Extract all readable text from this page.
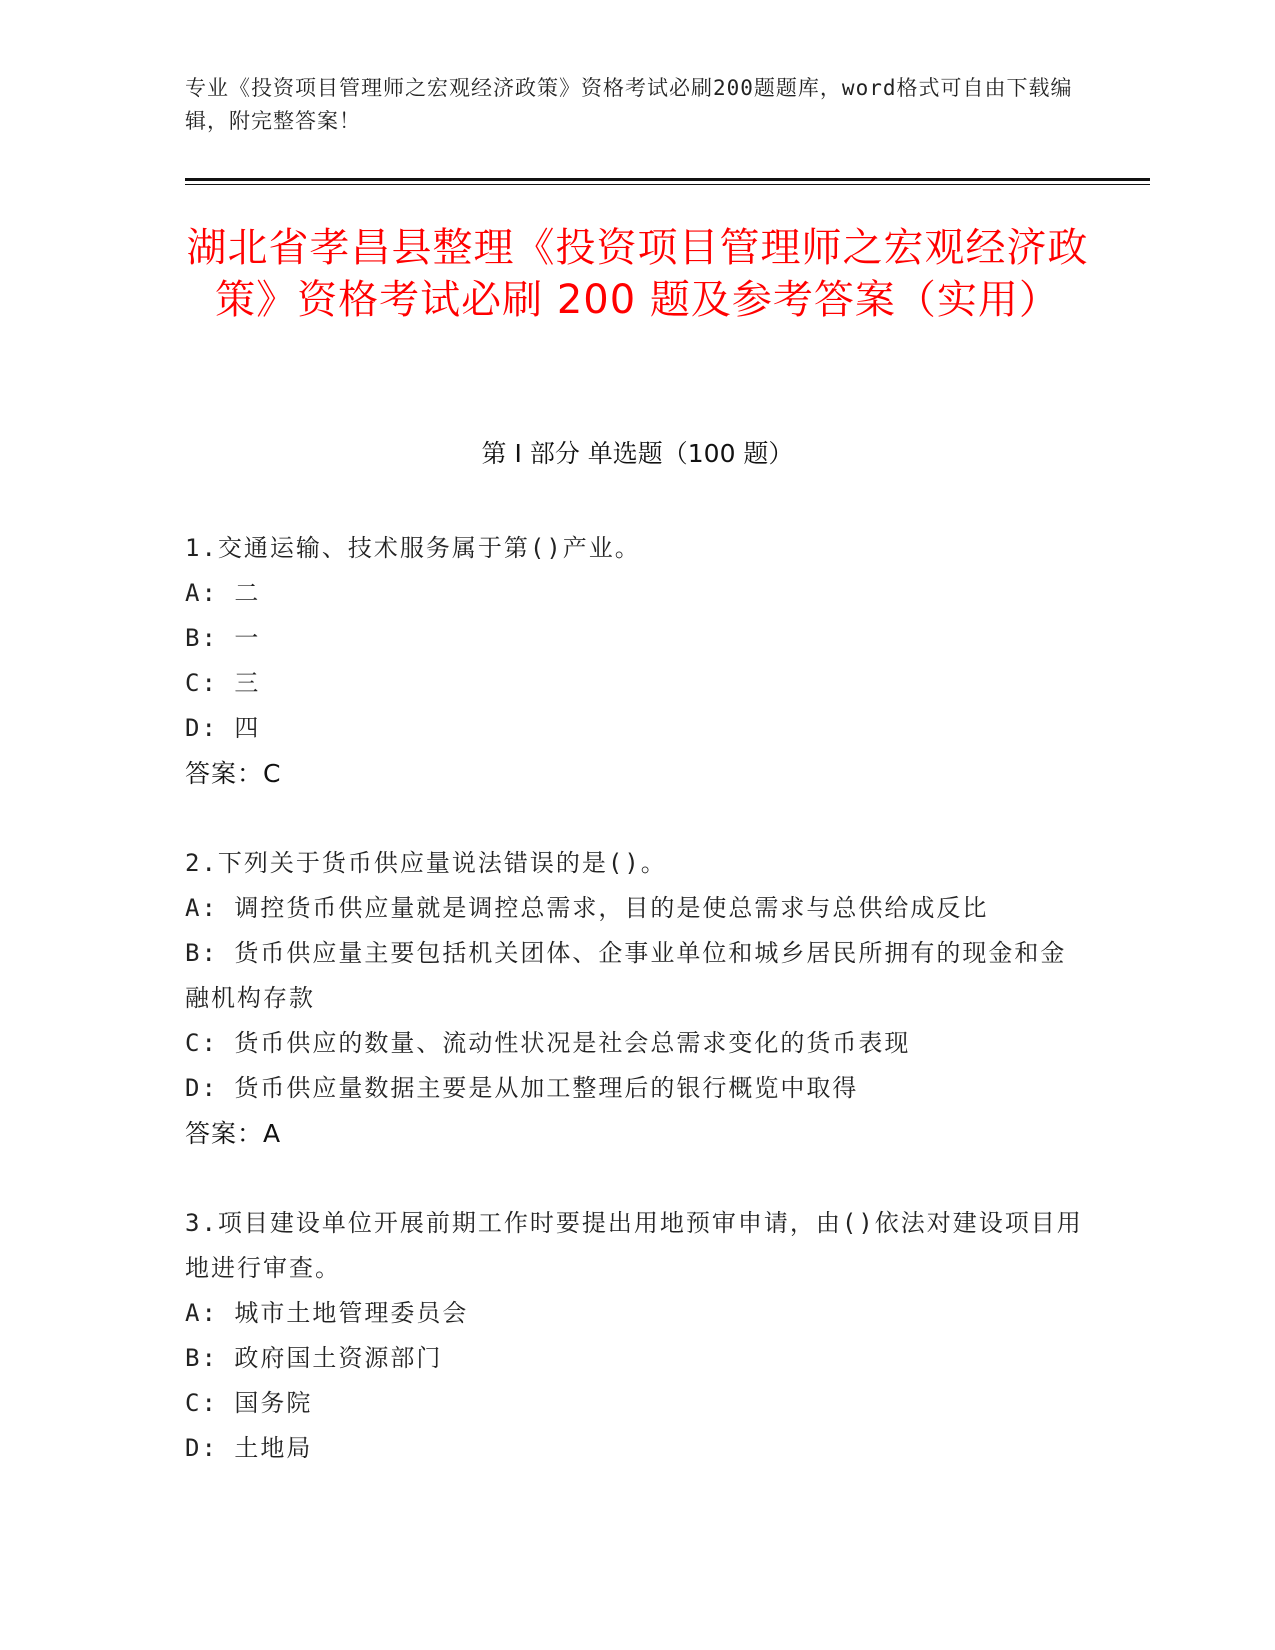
专业《投资项目管理师之宏观经济政策》资格考试必刷200题题库，word格式可自由下载编辑，附完整答案！
湖北省孝昌县整理《投资项目管理师之宏观经济政策》资格考试必刷 200 题及参考答案（实用）
第 I 部分 单选题（100 题）

1.交通运输、技术服务属于第()产业。

A: 二

B: 一

C: 三

D: 四

答案：C

2.下列关于货币供应量说法错误的是()。

A: 调控货币供应量就是调控总需求，目的是使总需求与总供给成反比

B: 货币供应量主要包括机关团体、企事业单位和城乡居民所拥有的现金和金融机构存款

C: 货币供应的数量、流动性状况是社会总需求变化的货币表现

D: 货币供应量数据主要是从加工整理后的银行概览中取得

答案：A

3.项目建设单位开展前期工作时要提出用地预审申请，由()依法对建设项目用地进行审查。

A: 城市土地管理委员会

B: 政府国土资源部门

C: 国务院

D: 土地局
